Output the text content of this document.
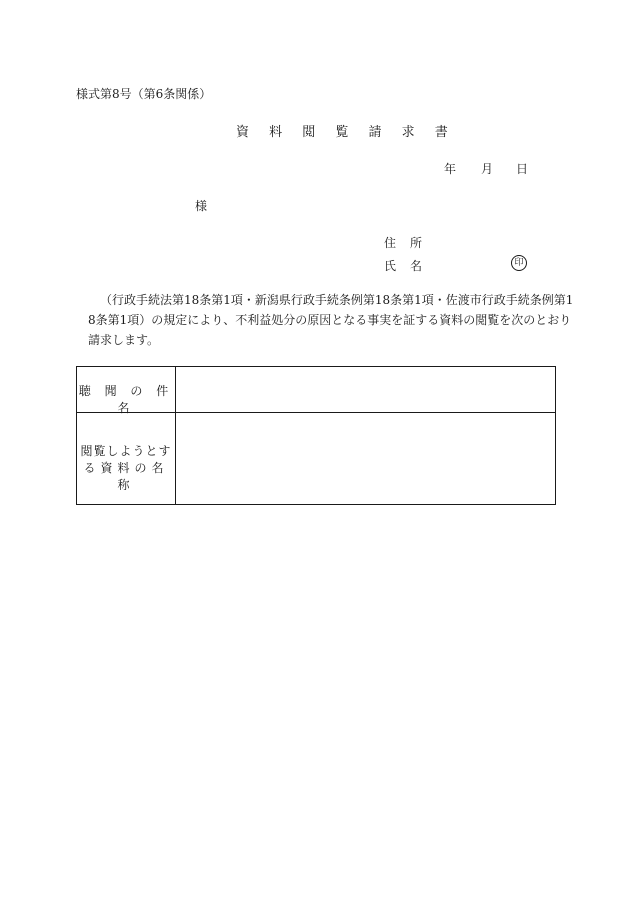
様式第8号（第6条関係）
資 料 閲 覧 請 求 書
年 月 日
様
住 所
氏 名	印
（行政手続法第18条第1項・新潟県行政手続条例第18条第1項・佐渡市行政手続条例第1
8条第1項）の規定により、不利益処分の原因となる事実を証する資料の閲覧を次のとおり
請求します。
聴 聞 の 件 名
閲覧しようとす
る資料の名称
